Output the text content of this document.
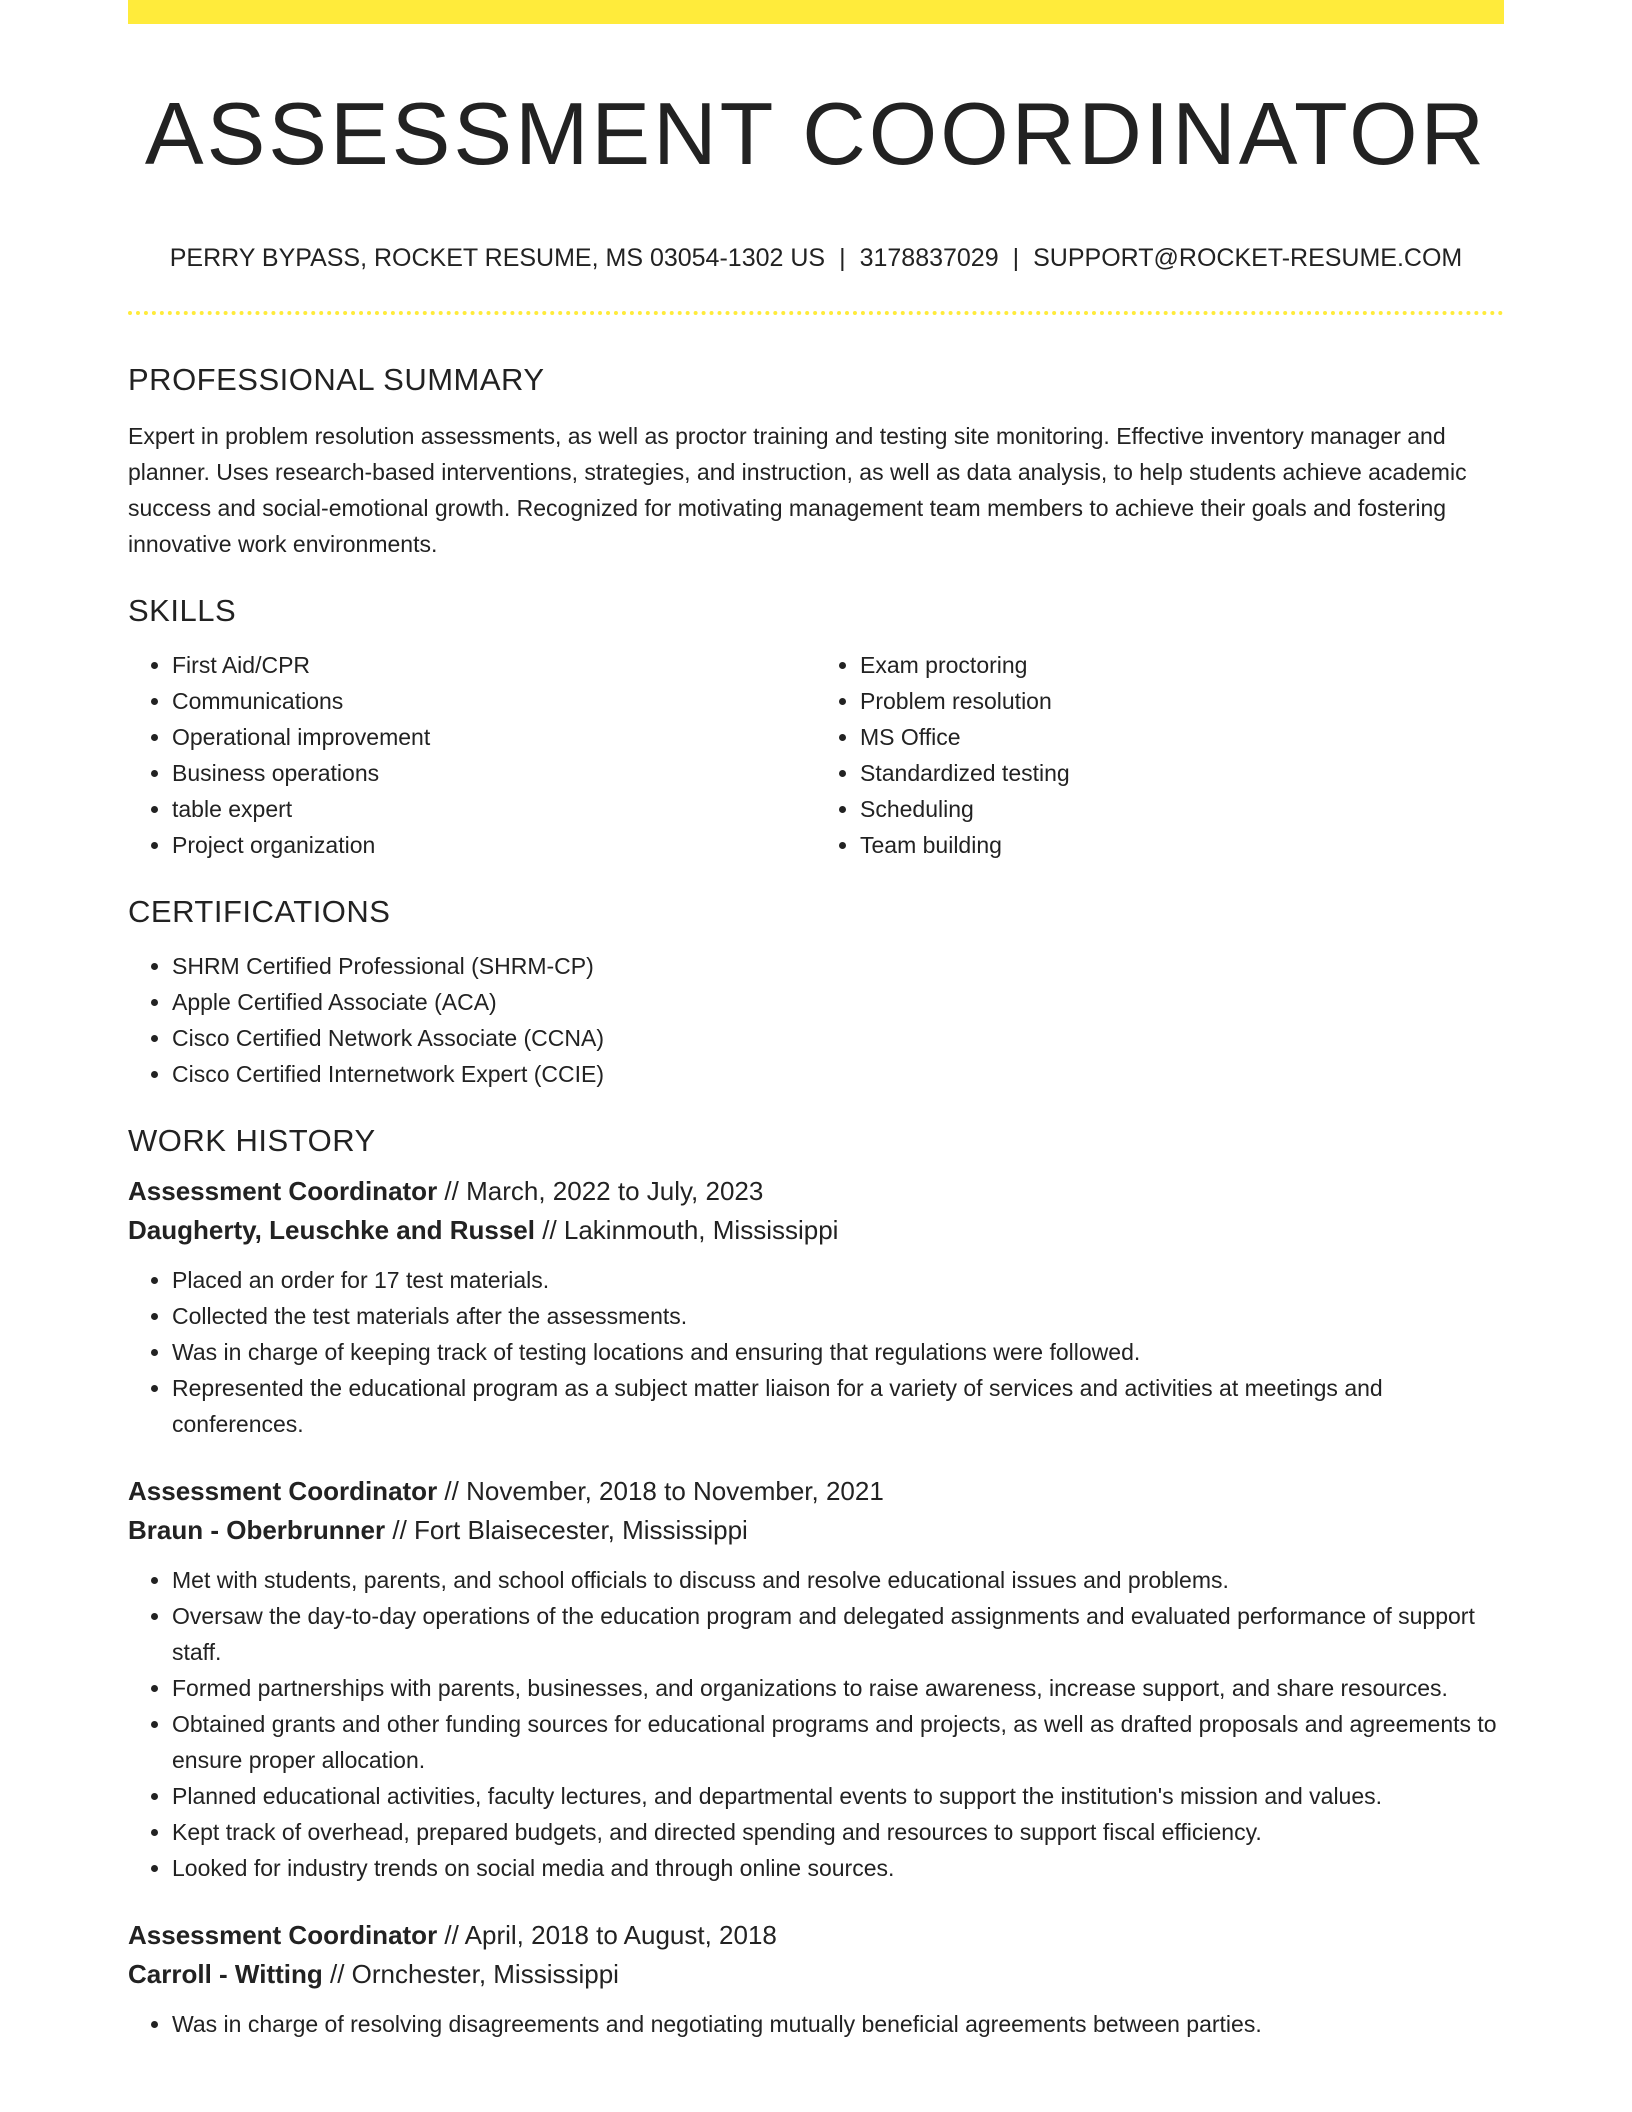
ASSESSMENT COORDINATOR
PERRY BYPASS, ROCKET RESUME, MS 03054-1302 US | 3178837029 | SUPPORT@ROCKET-RESUME.COM
PROFESSIONAL SUMMARY
Expert in problem resolution assessments, as well as proctor training and testing site monitoring. Effective inventory manager and planner. Uses research-based interventions, strategies, and instruction, as well as data analysis, to help students achieve academic success and social-emotional growth. Recognized for motivating management team members to achieve their goals and fostering innovative work environments.
SKILLS
• First Aid/CPR
• Communications
• Operational improvement
• Business operations
• table expert
• Project organization
• Exam proctoring
• Problem resolution
• MS Office
• Standardized testing
• Scheduling
• Team building
CERTIFICATIONS
• SHRM Certified Professional (SHRM-CP)
• Apple Certified Associate (ACA)
• Cisco Certified Network Associate (CCNA)
• Cisco Certified Internetwork Expert (CCIE)
WORK HISTORY
Assessment Coordinator // March, 2022 to July, 2023
Daugherty, Leuschke and Russel // Lakinmouth, Mississippi
• Placed an order for 17 test materials.
• Collected the test materials after the assessments.
• Was in charge of keeping track of testing locations and ensuring that regulations were followed.
• Represented the educational program as a subject matter liaison for a variety of services and activities at meetings and conferences.
Assessment Coordinator // November, 2018 to November, 2021
Braun - Oberbrunner // Fort Blaisecester, Mississippi
• Met with students, parents, and school officials to discuss and resolve educational issues and problems.
• Oversaw the day-to-day operations of the education program and delegated assignments and evaluated performance of support staff.
• Formed partnerships with parents, businesses, and organizations to raise awareness, increase support, and share resources.
• Obtained grants and other funding sources for educational programs and projects, as well as drafted proposals and agreements to ensure proper allocation.
• Planned educational activities, faculty lectures, and departmental events to support the institution's mission and values.
• Kept track of overhead, prepared budgets, and directed spending and resources to support fiscal efficiency.
• Looked for industry trends on social media and through online sources.
Assessment Coordinator // April, 2018 to August, 2018
Carroll - Witting // Ornchester, Mississippi
• Was in charge of resolving disagreements and negotiating mutually beneficial agreements between parties.
